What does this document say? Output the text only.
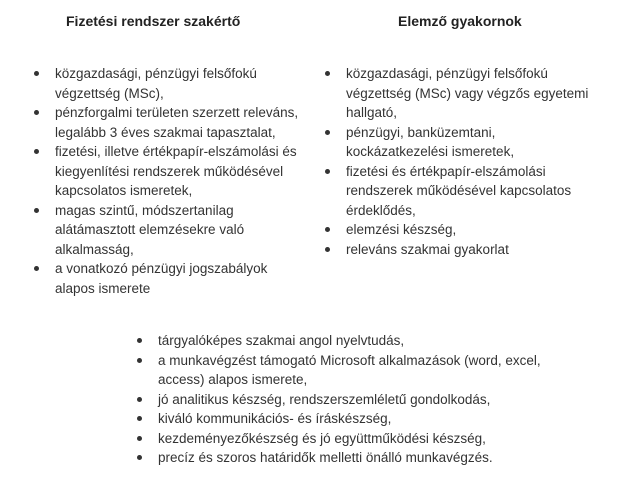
Fizetési rendszer szakértő	Elemző gyakornok
közgazdasági, pénzügyi felsőfokú végzettség (MSc),
pénzforgalmi területen szerzett releváns, legalább 3 éves szakmai tapasztalat,
fizetési, illetve értékpapír-elszámolási és kiegyenlítési rendszerek működésével kapcsolatos ismeretek,
magas szintű, módszertanilag alátámasztott elemzésekre való alkalmasság,
a vonatkozó pénzügyi jogszabályok alapos ismerete
közgazdasági, pénzügyi felsőfokú végzettség (MSc) vagy végzős egyetemi hallgató,
pénzügyi, banküzemtani, kockázatkezelési ismeretek,
fizetési és értékpapír-elszámolási rendszerek működésével kapcsolatos érdeklődés,
elemzési készség,
releváns szakmai gyakorlat
tárgyalóképes szakmai angol nyelvtudás,
a munkavégzést támogató Microsoft alkalmazások (word, excel, access) alapos ismerete,
jó analitikus készség, rendszerszemléletű gondolkodás,
kiváló kommunikációs- és íráskészség,
kezdeményezőkészség és jó együttműködési készség,
precíz és szoros határidők melletti önálló munkavégzés.
